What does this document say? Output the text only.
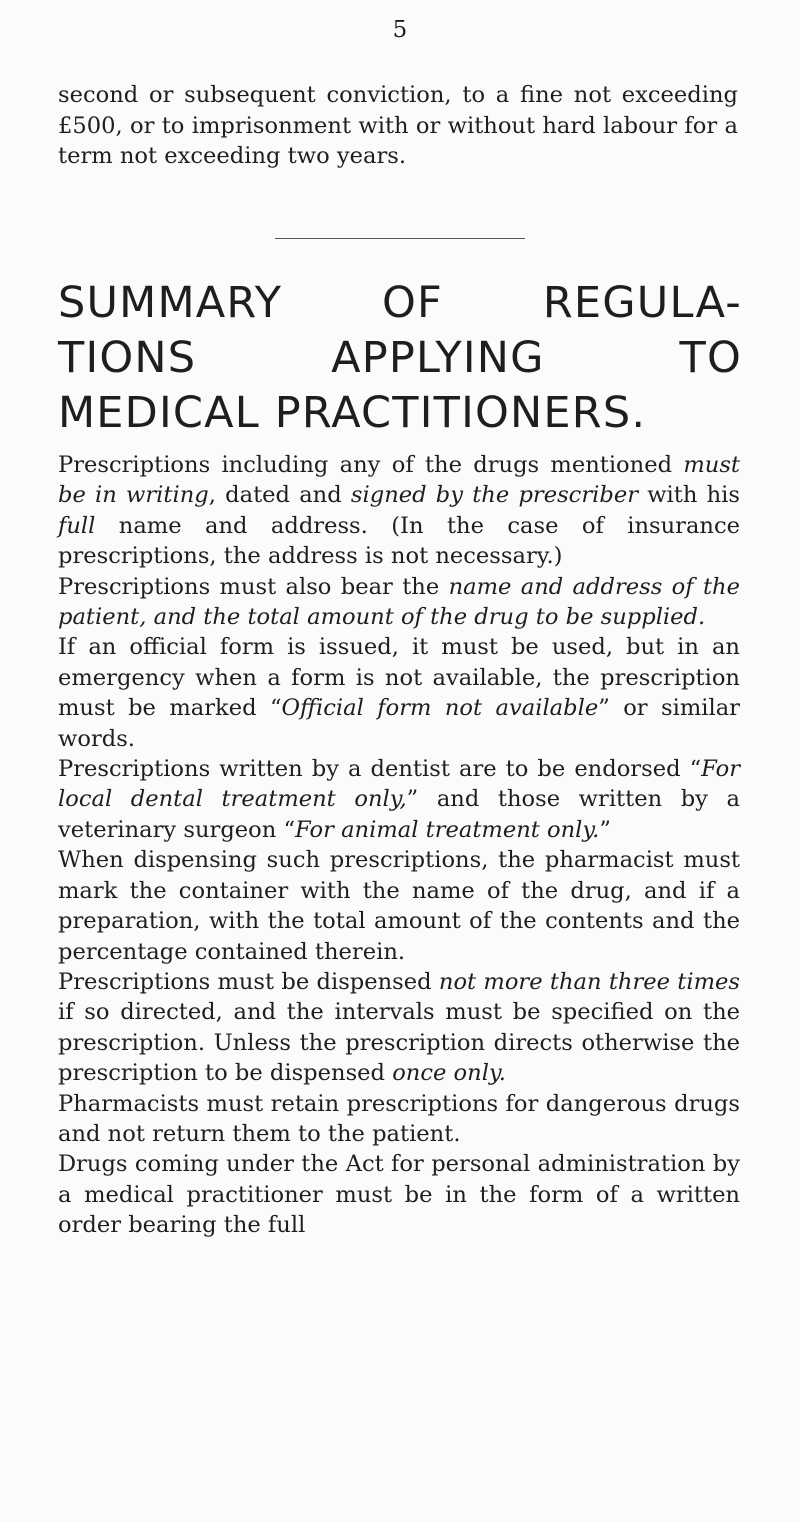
5

second or subsequent conviction, to a fine not exceeding £500, or to imprisonment with or without hard labour for a term not exceeding two years.

SUMMARY OF REGULA-
TIONS APPLYING TO
MEDICAL PRACTITIONERS.

Prescriptions including any of the drugs mentioned must be in writing, dated and signed by the prescriber with his full name and address. (In the case of insurance prescriptions, the address is not necessary.)

Prescriptions must also bear the name and address of the patient, and the total amount of the drug to be supplied.

If an official form is issued, it must be used, but in an emergency when a form is not available, the prescription must be marked “Official form not available” or similar words.

Prescriptions written by a dentist are to be endorsed “For local dental treatment only,” and those written by a veterinary surgeon “For animal treatment only.”

When dispensing such prescriptions, the pharmacist must mark the container with the name of the drug, and if a preparation, with the total amount of the contents and the percentage contained therein.

Prescriptions must be dispensed not more than three times if so directed, and the intervals must be specified on the prescription. Unless the prescription directs otherwise the prescription to be dispensed once only.

Pharmacists must retain prescriptions for dangerous drugs and not return them to the patient.

Drugs coming under the Act for personal administration by a medical practitioner must be in the form of a written order bearing the full
